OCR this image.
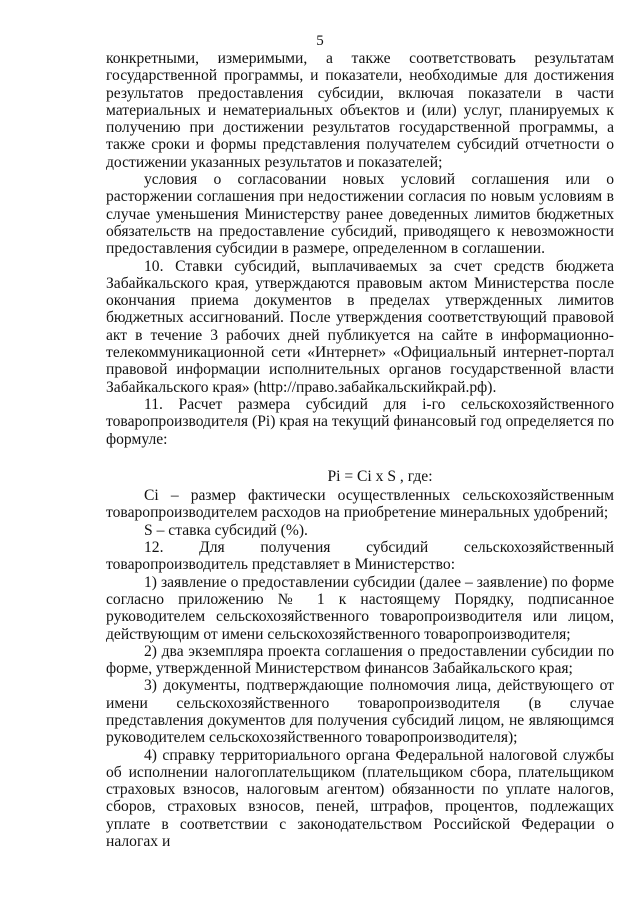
5

конкретными, измеримыми, а также соответствовать результатам государственной программы, и показатели, необходимые для достижения результатов предоставления субсидии, включая показатели в части материальных и нематериальных объектов и (или) услуг, планируемых к получению при достижении результатов государственной программы, а также сроки и формы представления получателем субсидий отчетности о достижении указанных результатов и показателей;

условия о согласовании новых условий соглашения или о расторжении соглашения при недостижении согласия по новым условиям в случае уменьшения Министерству ранее доведенных лимитов бюджетных обязательств на предоставление субсидий, приводящего к невозможности предоставления субсидии в размере, определенном в соглашении.

10. Ставки субсидий, выплачиваемых за счет средств бюджета Забайкальского края, утверждаются правовым актом Министерства после окончания приема документов в пределах утвержденных лимитов бюджетных ассигнований. После утверждения соответствующий правовой акт в течение 3 рабочих дней публикуется на сайте в информационно-телекоммуникационной сети «Интернет» «Официальный интернет-портал правовой информации исполнительных органов государственной власти Забайкальского края» (http://право.забайкальскийкрай.рф).

11. Расчет размера субсидий для i-го сельскохозяйственного товаропроизводителя (Pi) края на текущий финансовый год определяется по формуле:

Pi = Ci x S , где:

Ci – размер фактически осуществленных сельскохозяйственным товаропроизводителем расходов на приобретение минеральных удобрений;

S – ставка субсидий (%).

12. Для получения субсидий сельскохозяйственный товаропроизводитель представляет в Министерство:

1) заявление о предоставлении субсидии (далее – заявление) по форме согласно приложению № 1 к настоящему Порядку, подписанное руководителем сельскохозяйственного товаропроизводителя или лицом, действующим от имени сельскохозяйственного товаропроизводителя;

2) два экземпляра проекта соглашения о предоставлении субсидии по форме, утвержденной Министерством финансов Забайкальского края;

3) документы, подтверждающие полномочия лица, действующего от имени сельскохозяйственного товаропроизводителя (в случае представления документов для получения субсидий лицом, не являющимся руководителем сельскохозяйственного товаропроизводителя);

4) справку территориального органа Федеральной налоговой службы об исполнении налогоплательщиком (плательщиком сбора, плательщиком страховых взносов, налоговым агентом) обязанности по уплате налогов, сборов, страховых взносов, пеней, штрафов, процентов, подлежащих уплате в соответствии с законодательством Российской Федерации о налогах и
